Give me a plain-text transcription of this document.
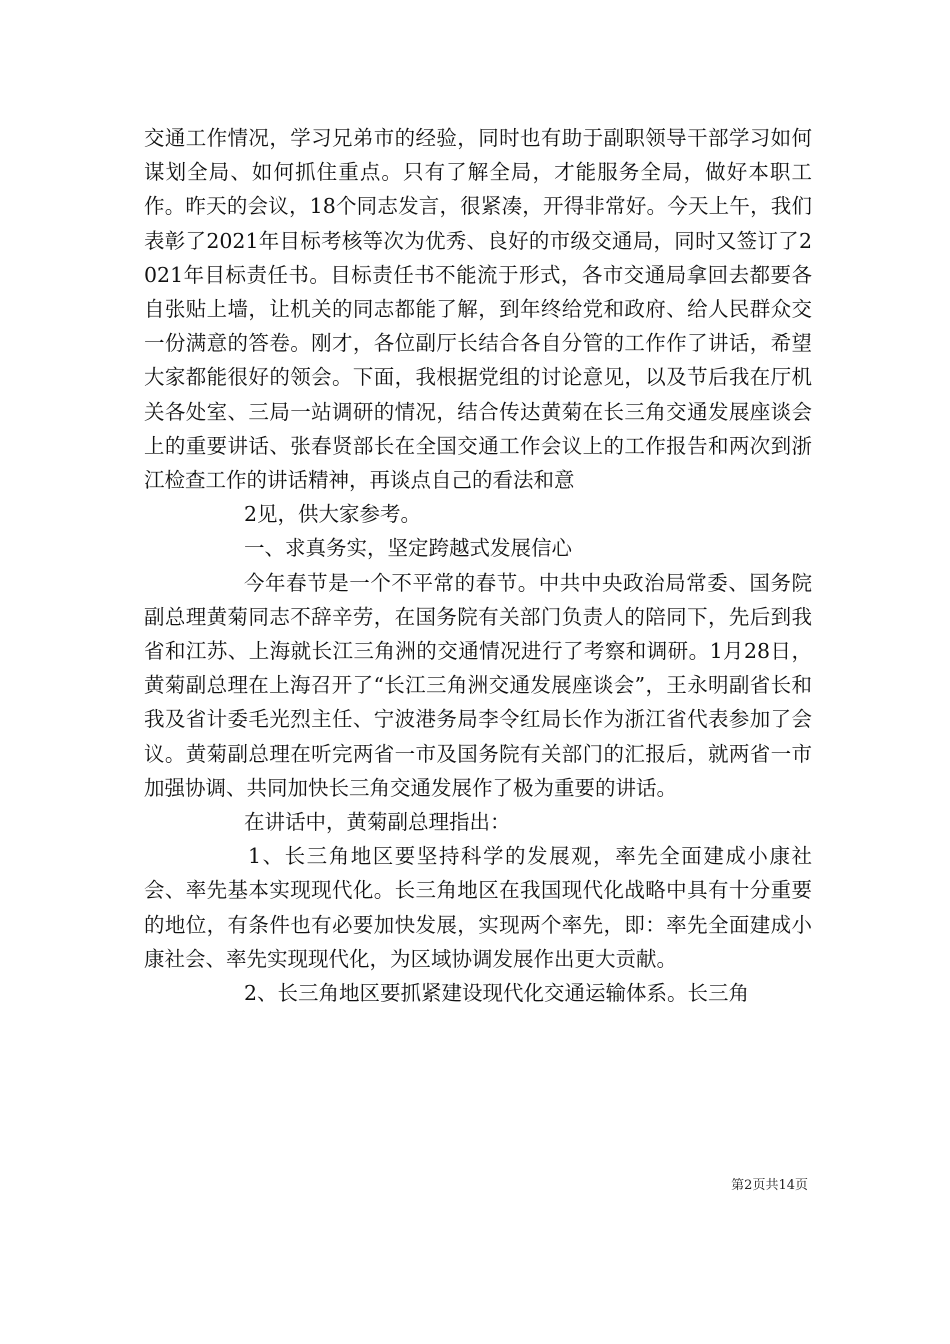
交通工作情况，学习兄弟市的经验，同时也有助于副职领导干部学习如何谋划全局、如何抓住重点。只有了解全局，才能服务全局，做好本职工作。昨天的会议，18个同志发言，很紧凑，开得非常好。今天上午，我们表彰了2021年目标考核等次为优秀、良好的市级交通局，同时又签订了2021年目标责任书。目标责任书不能流于形式，各市交通局拿回去都要各自张贴上墙，让机关的同志都能了解，到年终给党和政府、给人民群众交一份满意的答卷。刚才，各位副厅长结合各自分管的工作作了讲话，希望大家都能很好的领会。下面，我根据党组的讨论意见，以及节后我在厅机关各处室、三局一站调研的情况，结合传达黄菊在长三角交通发展座谈会上的重要讲话、张春贤部长在全国交通工作会议上的工作报告和两次到浙江检查工作的讲话精神，再谈点自己的看法和意

2见，供大家参考。

一、求真务实，坚定跨越式发展信心

今年春节是一个不平常的春节。中共中央政治局常委、国务院副总理黄菊同志不辞辛劳，在国务院有关部门负责人的陪同下，先后到我省和江苏、上海就长江三角洲的交通情况进行了考察和调研。1月28日，黄菊副总理在上海召开了“长江三角洲交通发展座谈会”，王永明副省长和我及省计委毛光烈主任、宁波港务局李令红局长作为浙江省代表参加了会议。黄菊副总理在听完两省一市及国务院有关部门的汇报后，就两省一市加强协调、共同加快长三角交通发展作了极为重要的讲话。

在讲话中，黄菊副总理指出：

1、长三角地区要坚持科学的发展观，率先全面建成小康社会、率先基本实现现代化。长三角地区在我国现代化战略中具有十分重要的地位，有条件也有必要加快发展，实现两个率先，即：率先全面建成小康社会、率先实现现代化，为区域协调发展作出更大贡献。

2、长三角地区要抓紧建设现代化交通运输体系。长三角

第2页共14页
